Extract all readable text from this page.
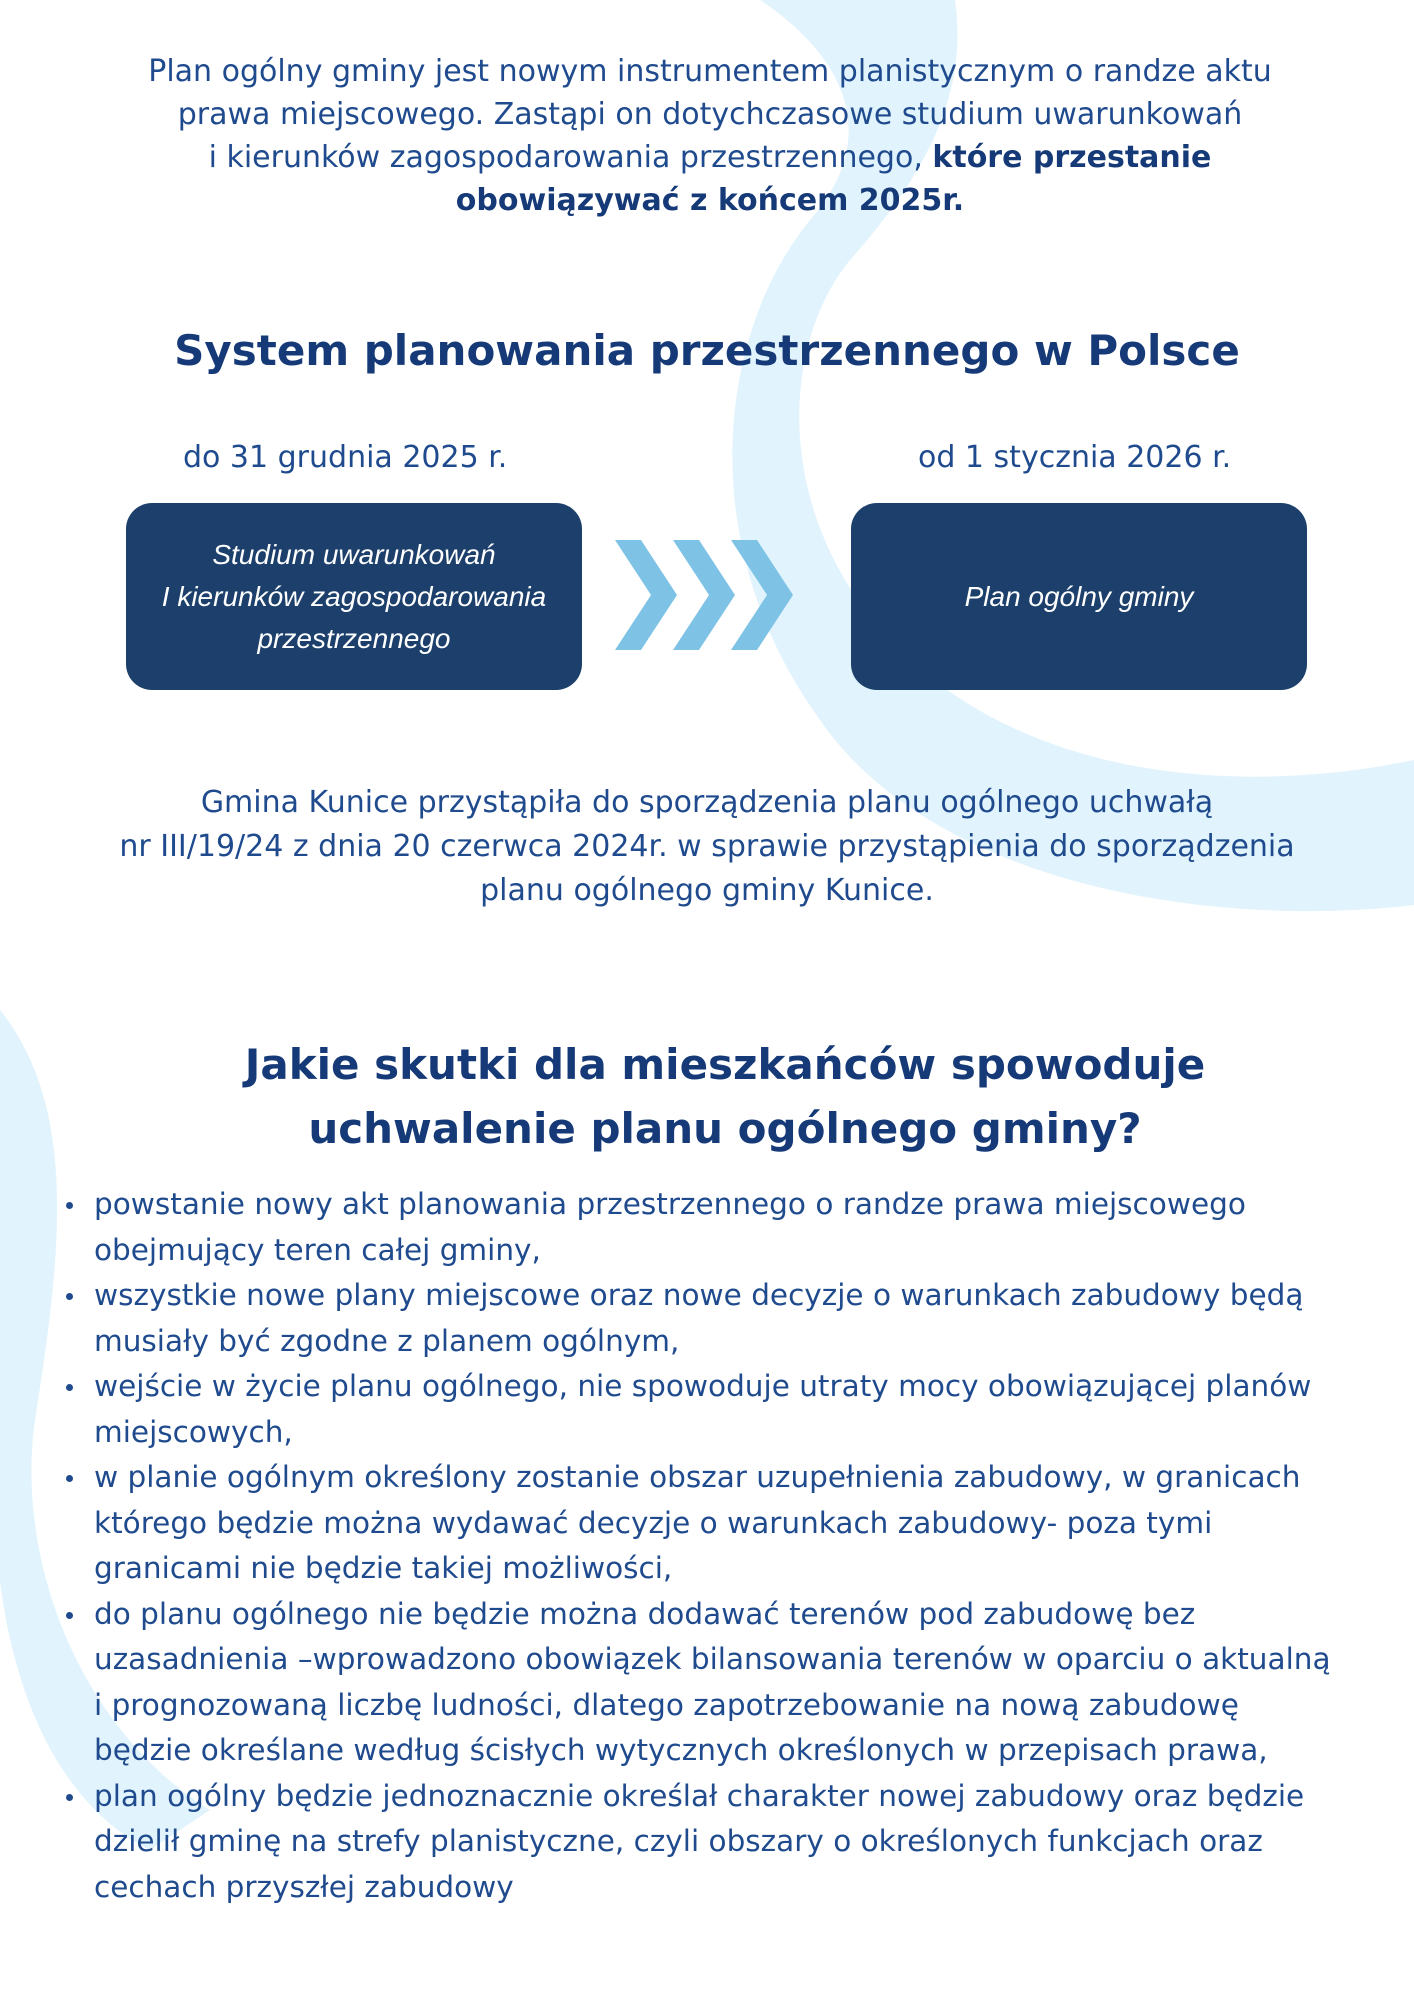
Plan ogólny gminy jest nowym instrumentem planistycznym o randze aktu
prawa miejscowego. Zastąpi on dotychczasowe studium uwarunkowań
i kierunków zagospodarowania przestrzennego, które przestanie
obowiązywać z końcem 2025r.

System planowania przestrzennego w Polsce

do 31 grudnia 2025 r.	od 1 stycznia 2026 r.

Studium uwarunkowań
I kierunków zagospodarowania
przestrzennego
Plan ogólny gminy

Gmina Kunice przystąpiła do sporządzenia planu ogólnego uchwałą
nr III/19/24 z dnia 20 czerwca 2024r. w sprawie przystąpienia do sporządzenia
planu ogólnego gminy Kunice.

Jakie skutki dla mieszkańców spowoduje
uchwalenie planu ogólnego gminy?
powstanie nowy akt planowania przestrzennego o randze prawa miejscowego
obejmujący teren całej gminy,
wszystkie nowe plany miejscowe oraz nowe decyzje o warunkach zabudowy będą
musiały być zgodne z planem ogólnym,
wejście w życie planu ogólnego, nie spowoduje utraty mocy obowiązującej planów
miejscowych,
w planie ogólnym określony zostanie obszar uzupełnienia zabudowy, w granicach
którego będzie można wydawać decyzje o warunkach zabudowy- poza tymi
granicami nie będzie takiej możliwości,
do planu ogólnego nie będzie można dodawać terenów pod zabudowę bez
uzasadnienia –wprowadzono obowiązek bilansowania terenów w oparciu o aktualną
i prognozowaną liczbę ludności, dlatego zapotrzebowanie na nową zabudowę
będzie określane według ścisłych wytycznych określonych w przepisach prawa,
plan ogólny będzie jednoznacznie określał charakter nowej zabudowy oraz będzie
dzielił gminę na strefy planistyczne, czyli obszary o określonych funkcjach oraz
cechach przyszłej zabudowy
